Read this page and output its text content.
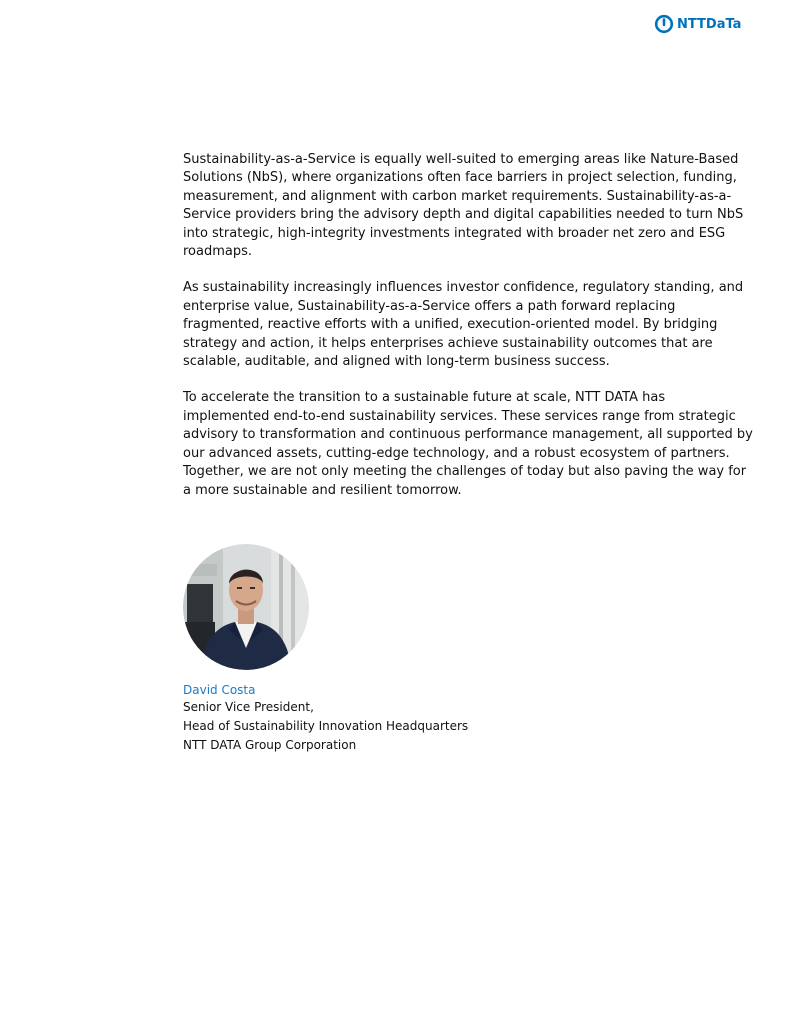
NTTDaTa

Sustainability-as-a-Service is equally well-suited to emerging areas like Nature-Based Solutions (NbS), where organizations often face barriers in project selection, funding, measurement, and alignment with carbon market requirements. Sustainability-as-a-Service providers bring the advisory depth and digital capabilities needed to turn NbS into strategic, high-integrity investments integrated with broader net zero and ESG roadmaps.

As sustainability increasingly influences investor confidence, regulatory standing, and enterprise value, Sustainability-as-a-Service offers a path forward replacing fragmented, reactive efforts with a unified, execution-oriented model. By bridging strategy and action, it helps enterprises achieve sustainability outcomes that are scalable, auditable, and aligned with long-term business success.

To accelerate the transition to a sustainable future at scale, NTT DATA has implemented end-to-end sustainability services. These services range from strategic advisory to transformation and continuous performance management, all supported by our advanced assets, cutting-edge technology, and a robust ecosystem of partners. Together, we are not only meeting the challenges of today but also paving the way for a more sustainable and resilient tomorrow.

David Costa
Senior Vice President,
Head of Sustainability Innovation Headquarters
NTT DATA Group Corporation
